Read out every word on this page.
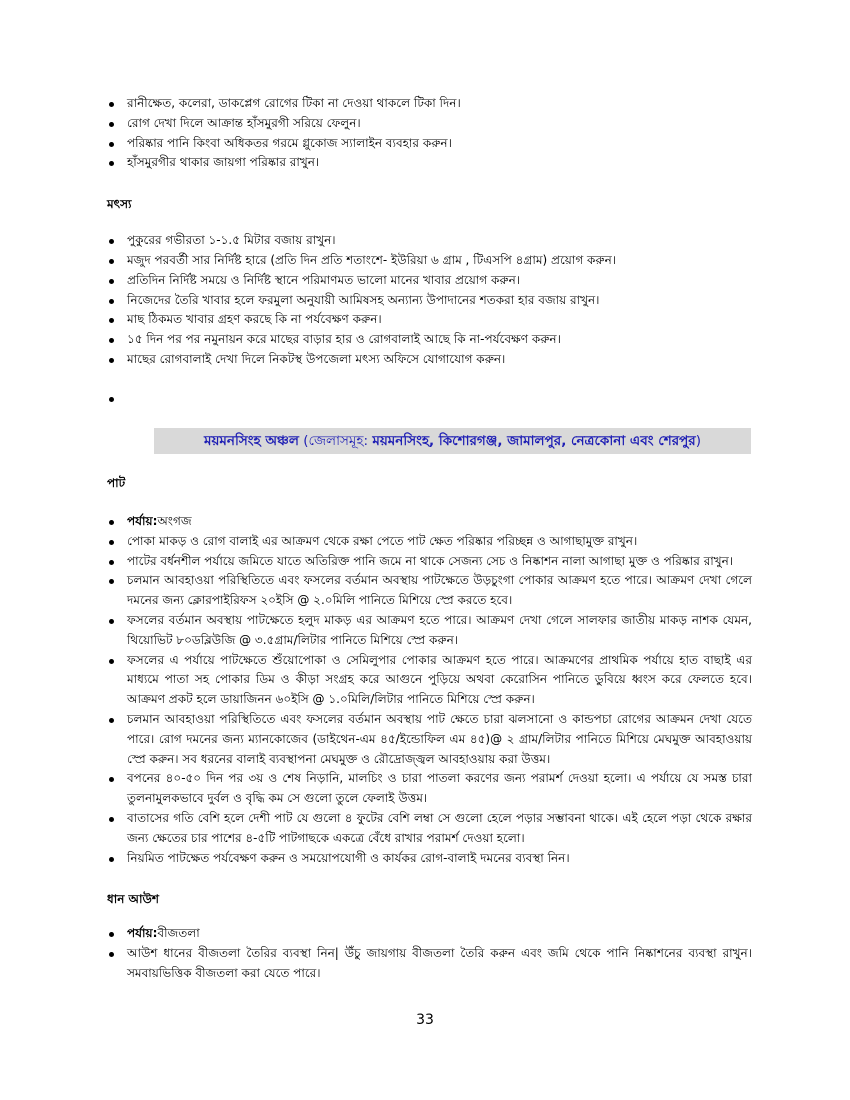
রানীক্ষেত, কলেরা, ডাকপ্লেগ রোগের টিকা না দেওয়া থাকলে টিকা দিন।
রোগ দেখা দিলে আক্রান্ত হাঁসমুরগী সরিয়ে ফেলুন।
পরিষ্কার পানি কিংবা অধিকতর গরমে গ্লুকোজ স্যালাইন ব্যবহার করুন।
হাঁসমুরগীর থাকার জায়গা পরিষ্কার রাখুন।

মৎস্য

পুকুরের গভীরতা ১-১.৫ মিটার বজায় রাখুন।
মজুদ পরবর্তী সার নির্দিষ্ট হারে (প্রতি দিন প্রতি শতাংশে- ইউরিয়া ৬ গ্রাম , টিএসপি ৪গ্রাম) প্রয়োগ করুন।
প্রতিদিন নির্দিষ্ট সময়ে ও নির্দিষ্ট স্থানে পরিমাণমত ভালো মানের খাবার প্রয়োগ করুন।
নিজেদের তৈরি খাবার হলে ফরমুলা অনুযায়ী আমিষসহ অন্যান্য উপাদানের শতকরা হার বজায় রাখুন।
মাছ ঠিকমত খাবার গ্রহণ করছে কি না পর্যবেক্ষণ করুন।
১৫ দিন পর পর নমুনায়ন করে মাছের বাড়ার হার ও রোগবালাই আছে কি না-পর্যবেক্ষণ করুন।
মাছের রোগবালাই দেখা দিলে নিকটস্থ উপজেলা মৎস্য অফিসে যোগাযোগ করুন।
ময়মনসিংহ অঞ্চল (জেলাসমূহ: ময়মনসিংহ, কিশোরগঞ্জ, জামালপুর, নেত্রকোনা এবং শেরপুর)

পাট

পর্যায়:অংগজ
পোকা মাকড় ও রোগ বালাই এর আক্রমণ থেকে রক্ষা পেতে পাট ক্ষেত পরিষ্কার পরিচ্ছন্ন ও আগাছামুক্ত রাখুন।
পাটের বর্ধনশীল পর্যায়ে জমিতে যাতে অতিরিক্ত পানি জমে না থাকে সেজন্য সেচ ও নিষ্কাশন নালা আগাছা মুক্ত ও পরিষ্কার রাখুন।
চলমান আবহাওয়া পরিস্থিতিতে এবং ফসলের বর্তমান অবস্থায় পাটক্ষেতে উড়চুংগা পোকার আক্রমণ হতে পারে। আক্রমণ দেখা গেলে দমনের জন্য ক্লোরপাইরিফস ২০ইসি @ ২.০মিলি পানিতে মিশিয়ে স্প্রে করতে হবে।
ফসলের বর্তমান অবস্থায় পাটক্ষেতে হলুদ মাকড় এর আক্রমণ হতে পারে। আক্রমণ দেখা গেলে সালফার জাতীয় মাকড় নাশক যেমন, থিয়োভিট ৮০ডব্লিউজি @ ৩.৫গ্রাম/লিটার পানিতে মিশিয়ে স্প্রে করুন।
ফসলের এ পর্যায়ে পাটক্ষেতে শুঁয়োপোকা ও সেমিলুপার পোকার আক্রমণ হতে পারে। আক্রমণের প্রাথমিক পর্যায়ে হাত বাছাই এর মাধ্যমে পাতা সহ পোকার ডিম ও কীড়া সংগ্রহ করে আগুনে পুড়িয়ে অথবা কেরোসিন পানিতে ডুবিয়ে ধ্বংস করে ফেলতে হবে। আক্রমণ প্রকট হলে ডায়াজিনন ৬০ইসি @ ১.০মিলি/লিটার পানিতে মিশিয়ে স্প্রে করুন।
চলমান আবহাওয়া পরিস্থিতিতে এবং ফসলের বর্তমান অবস্থায় পাট ক্ষেতে চারা ঝলসানো ও কান্ডপচা রোগের আক্রমন দেখা যেতে পারে। রোগ দমনের জন্য ম্যানকোজেব (ডাইথেন-এম ৪৫/ইন্ডোফিল এম ৪৫)@ ২ গ্রাম/লিটার পানিতে মিশিয়ে মেঘমুক্ত আবহাওয়ায় স্প্রে করুন। সব ধরনের বালাই ব্যবস্থাপনা মেঘমুক্ত ও রৌদ্রোজ্জ্বল আবহাওয়ায় করা উত্তম।
বপনের ৪০-৫০ দিন পর ৩য় ও শেষ নিড়ানি, মালচিং ও চারা পাতলা করণের জন্য পরামর্শ দেওয়া হলো। এ পর্যায়ে যে সমস্ত চারা তুলনামুলকভাবে দুর্বল ও বৃদ্ধি কম সে গুলো তুলে ফেলাই উত্তম।
বাতাসের গতি বেশি হলে দেশী পাট যে গুলো ৪ ফুটের বেশি লম্বা সে গুলো হেলে পড়ার সম্ভাবনা থাকে। এই হেলে পড়া থেকে রক্ষার জন্য ক্ষেতের চার পাশের ৪-৫টি পাটগাছকে একত্রে বেঁধে রাখার পরামর্শ দেওয়া হলো।
নিয়মিত পাটক্ষেত পর্যবেক্ষণ করুন ও সময়োপযোগী ও কার্যকর রোগ-বালাই দমনের ব্যবস্থা নিন।

ধান আউশ

পর্যায়:বীজতলা
আউশ ধানের বীজতলা তৈরির ব্যবস্থা নিন| উঁচু জায়গায় বীজতলা তৈরি করুন এবং জমি থেকে পানি নিষ্কাশনের ব্যবস্থা রাখুন। সমবায়ভিত্তিক বীজতলা করা যেতে পারে।
33
